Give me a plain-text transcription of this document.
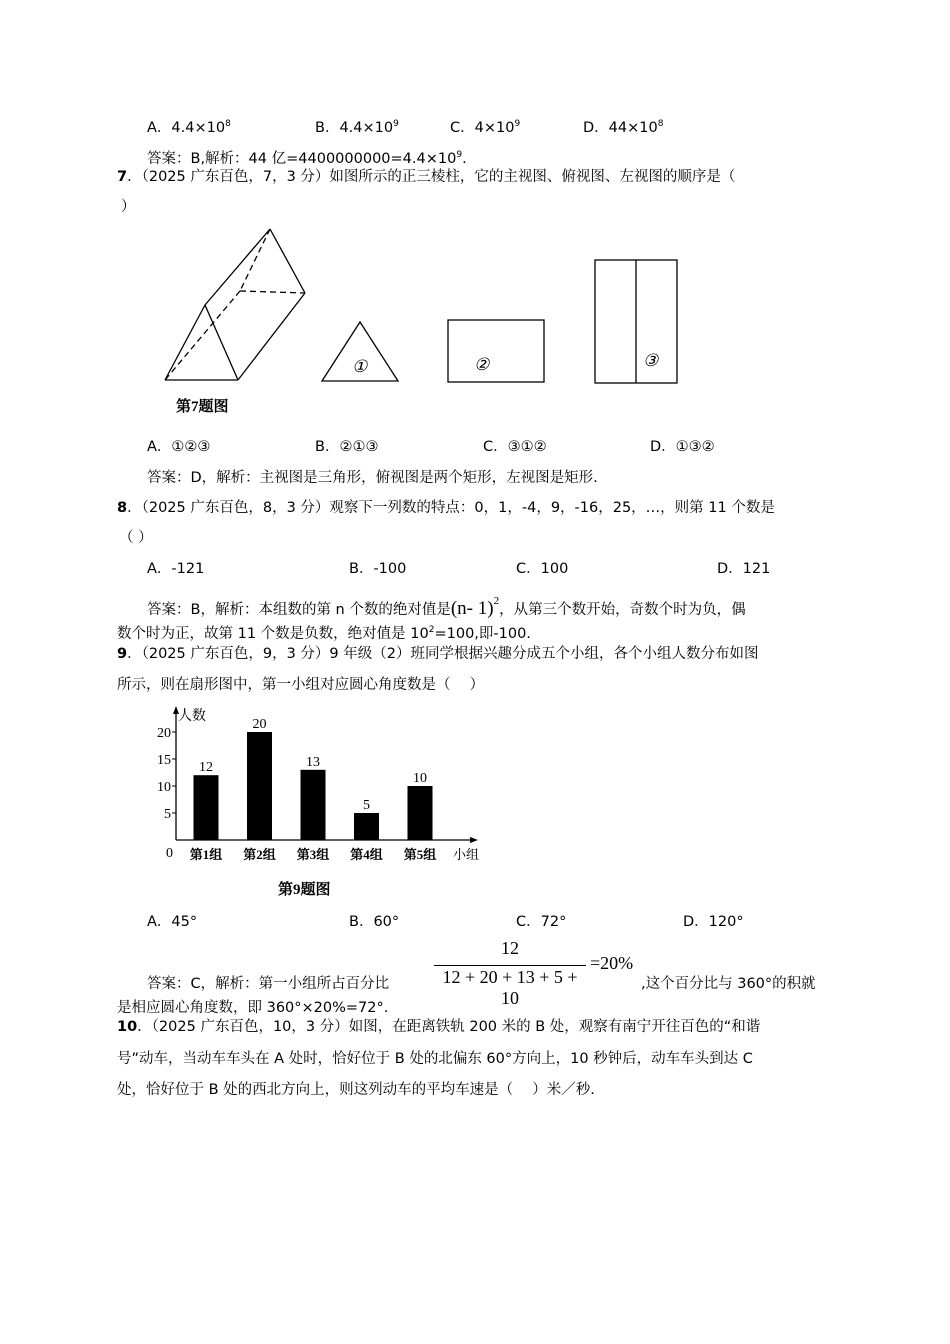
A．$4.4\times 10^8$	B．$4.4\times 10^9$	C．$4\times 10^9$	D．$44\times 10^8$
答案：B,解析：44 亿$=4400000000=4.4\times 10^9$.
7．（2025 广东百色，7，3 分）如图所示的正三棱柱，它的主视图、俯视图、左视图的顺序是（
）
①	②	③
第7题图
A．①②③	B．②①③	C．③①②	D．①③②
答案：D，解析：主视图是三角形，俯视图是两个矩形，左视图是矩形.
8．（2025 广东百色，8，3 分）观察下一列数的特点：0，1，-4，9，-16，25，…，则第 11 个数是
（ ）
A．-121	B．-100	C．100	D．121
答案：B，解析：本组数的第 n 个数的绝对值是(n- 1)$^2$，从第三个数开始，奇数个时为负，偶
数个时为正，故第 11 个数是负数，绝对值是 $10^2=100$,即-100.
9．（2025 广东百色，9，3 分）9 年级（2）班同学根据兴趣分成五个小组，各个小组人数分布如图
所示，则在扇形图中，第一小组对应圆心角度数是（　 ）
人数
0
5
10
15
20
12
第1组
20
第2组
13
第3组
5
第4组
10
第5组 小组
第9题图
A．45°	B．60°	C．72°	D．120°
答案：C，解析：第一小组所占百分比
12
12 + 20 + 13 + 5 + 10
=20%
,这个百分比与 360°的积就
是相应圆心角度数，即 360°×20%=72°.
10．（2025 广东百色，10，3 分）如图，在距离铁轨 200 米的 B 处，观察有南宁开往百色的“和谐
号”动车，当动车车头在 A 处时，恰好位于 B 处的北偏东 60°方向上，10 秒钟后，动车车头到达 C
处，恰好位于 B 处的西北方向上，则这列动车的平均车速是（　 ）米／秒.
